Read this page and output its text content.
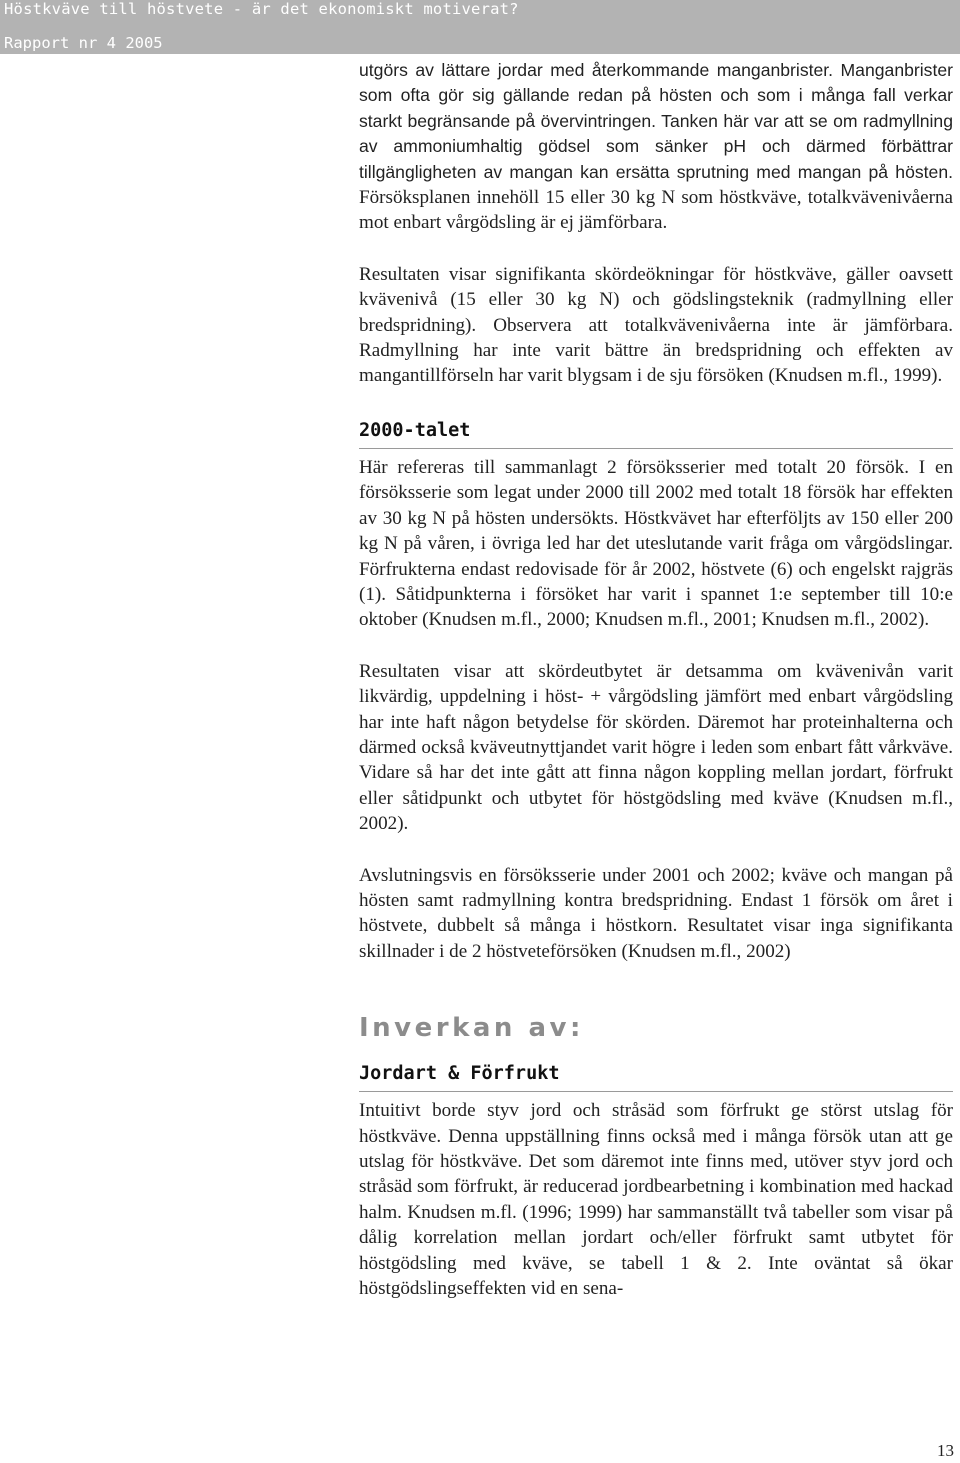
Höstkväve till höstvete - är det ekonomiskt motiverat?
Rapport nr 4 2005

utgörs av lättare jordar med återkommande manganbrister. Manganbrister som ofta gör sig gällande redan på hösten och som i många fall verkar starkt begränsande på övervintringen. Tanken här var att se om radmyllning av ammoniumhaltig gödsel som sänker pH och därmed förbättrar tillgängligheten av mangan kan ersätta sprutning med mangan på hösten. Försöksplanen innehöll 15 eller 30 kg N som höstkväve, totalkvävenivåerna mot enbart vårgödsling är ej jämförbara.

Resultaten visar signifikanta skördeökningar för höstkväve, gäller oavsett kvävenivå (15 eller 30 kg N) och gödslingsteknik (radmyllning eller bredspridning). Observera att totalkvävenivåerna inte är jämförbara. Radmyllning har inte varit bättre än bredspridning och effekten av mangantillförseln har varit blygsam i de sju försöken (Knudsen m.fl., 1999).

2000-talet

Här refereras till sammanlagt 2 försöksserier med totalt 20 försök. I en försöksserie som legat under 2000 till 2002 med totalt 18 försök har effekten av 30 kg N på hösten undersökts. Höstkvävet har efterföljts av 150 eller 200 kg N på våren, i övriga led har det uteslutande varit fråga om vårgödslingar. Förfrukterna endast redovisade för år 2002, höstvete (6) och engelskt rajgräs (1). Såtidpunkterna i försöket har varit i spannet 1:e september till 10:e oktober (Knudsen m.fl., 2000; Knudsen m.fl., 2001; Knudsen m.fl., 2002).

Resultaten visar att skördeutbytet är detsamma om kvävenivån varit likvärdig, uppdelning i höst- + vårgödsling jämfört med enbart vårgödsling har inte haft någon betydelse för skörden. Däremot har proteinhalterna och därmed också kväveutnyttjandet varit högre i leden som enbart fått vårkväve. Vidare så har det inte gått att finna någon koppling mellan jordart, förfrukt eller såtidpunkt och utbytet för höstgödsling med kväve (Knudsen m.fl., 2002).

Avslutningsvis en försöksserie under 2001 och 2002; kväve och mangan på hösten samt radmyllning kontra bredspridning. Endast 1 försök om året i höstvete, dubbelt så många i höstkorn. Resultatet visar inga signifikanta skillnader i de 2 höstveteförsöken (Knudsen m.fl., 2002)

Inverkan av:
Jordart & Förfrukt

Intuitivt borde styv jord och stråsäd som förfrukt ge störst utslag för höstkväve. Denna uppställning finns också med i många försök utan att ge utslag för höstkväve. Det som däremot inte finns med, utöver styv jord och stråsäd som förfrukt, är reducerad jordbearbetning i kombination med hackad halm. Knudsen m.fl. (1996; 1999) har sammanställt två tabeller som visar på dålig korrelation mellan jordart och/eller förfrukt samt utbytet för höstgödsling med kväve, se tabell 1 & 2. Inte oväntat så ökar höstgödslingseffekten vid en sena-

13
